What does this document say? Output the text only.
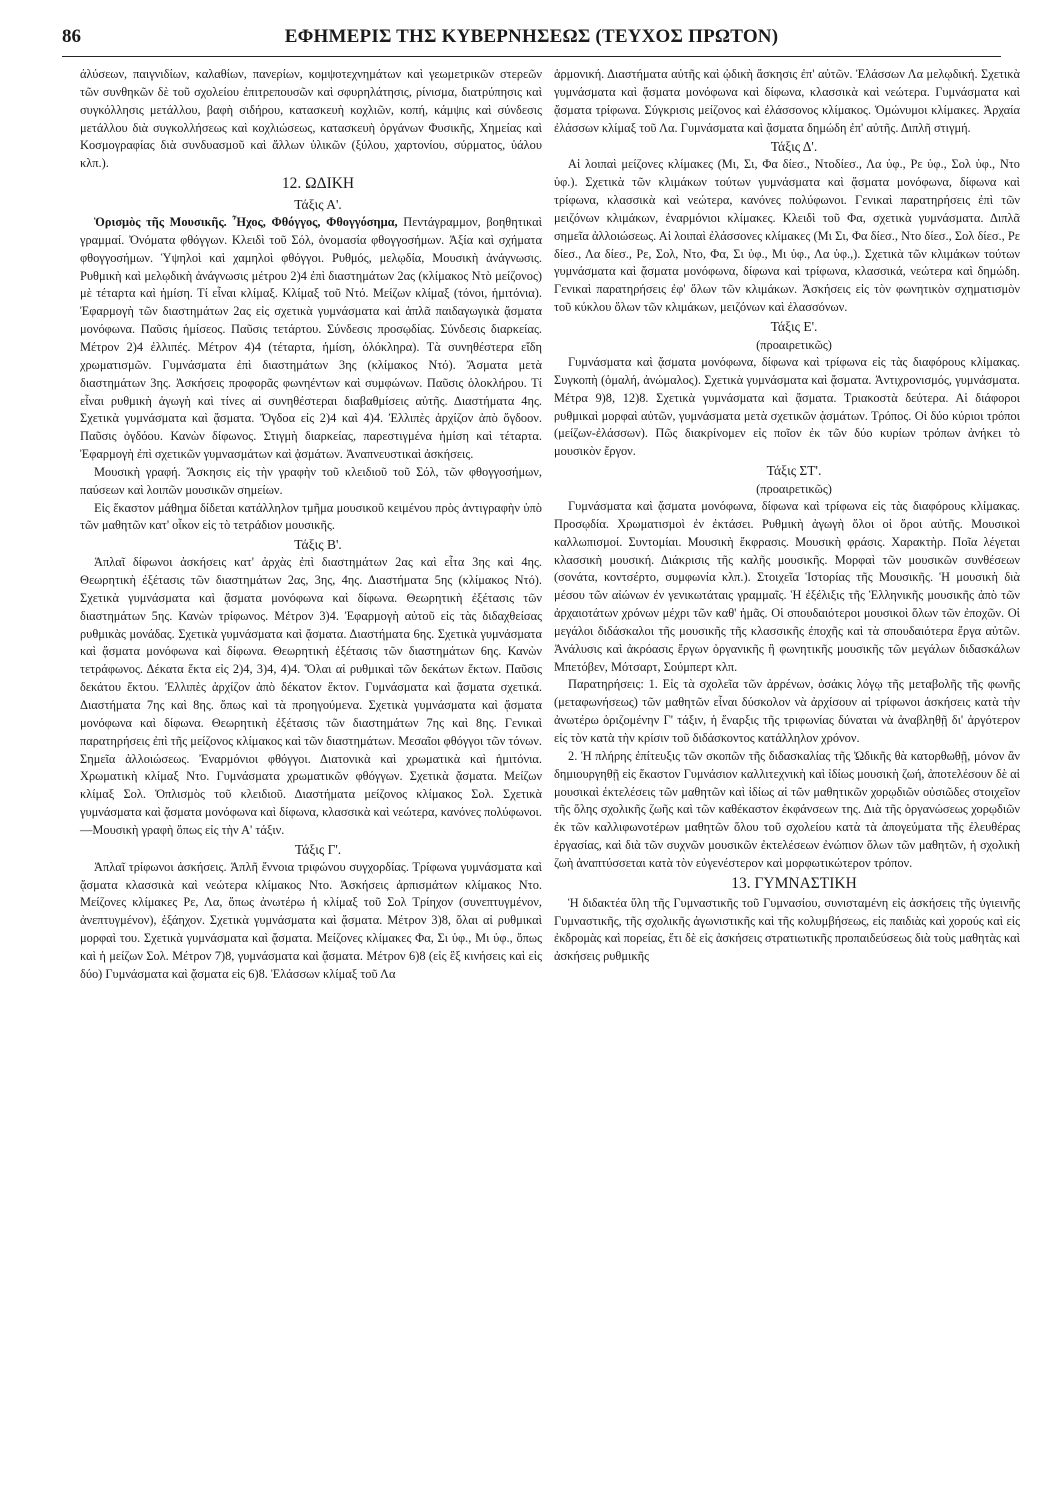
86	ΕΦΗΜΕΡΙΣ ΤΗΣ ΚΥΒΕΡΝΗΣΕΩΣ (ΤΕΥΧΟΣ ΠΡΩΤΟΝ)

άλύσεων, παιγνιδίων, καλαθίων, πανερίων, κομψοτεχνημάτων καὶ γεωμετρικῶν στερεῶν τῶν συνθηκῶν δὲ τοῦ σχολείου ἐπιτρεπουσῶν καὶ σφυρηλάτησις, ρίνισμα, διατρύπησις καὶ συγκόλλησις μετάλλου, βαφὴ σιδήρου, κατασκευὴ κοχλιῶν, κοπή, κάμψις καὶ σύνδεσις μετάλλου διὰ συγκολλήσεως καὶ κοχλιώσεως, κατασκευὴ ὀργάνων Φυσικῆς, Χημείας καὶ Κοσμογραφίας διὰ συνδυασμοῦ καὶ ἄλλων ὑλικῶν (ξύλου, χαρτονίου, σύρματος, ὑάλου κλπ.).

12. ΩΔΙΚΗ

Τάξις Α'.

Ὁρισμὸς τῆς Μουσικῆς. Ἦχος, Φθόγγος, Φθογγόσημα, Πεντάγραμμον, βοηθητικαὶ γραμμαί. Ὀνόματα φθόγγων. Κλειδὶ τοῦ Σόλ, ὀνομασία φθογγοσήμων. Ἀξία καὶ σχήματα φθογγοσήμων. Ὑψηλοὶ καὶ χαμηλοὶ φθόγγοι. Ρυθμός, μελῳδία, Μουσικὴ ἀνάγνωσις. Ρυθμικὴ καὶ μελῳδικὴ ἀνάγνωσις μέτρου 2)4 ἐπὶ διαστημάτων 2ας (κλίμακος Ντὸ μείζονος) μὲ τέταρτα καὶ ἡμίση. Τί εἶναι κλίμαξ. Κλίμαξ τοῦ Ντό. Μείζων κλίμαξ (τόνοι, ἡμιτόνια). Ἐφαρμογὴ τῶν διαστημάτων 2ας εἰς σχετικὰ γυμνάσματα καὶ ἁπλᾶ παιδαγωγικὰ ᾄσματα μονόφωνα. Παῦσις ἡμίσεος. Παῦσις τετάρτου. Σύνδεσις προσῳδίας. Σύνδεσις διαρκείας. Μέτρον 2)4 ἐλλιπές. Μέτρον 4)4 (τέταρτα, ἡμίση, ὁλόκληρα). Τὰ συνηθέστερα εἴδη χρωματισμῶν. Γυμνάσματα ἐπὶ διαστημάτων 3ης (κλίμακος Ντό). Ἄσματα μετὰ διαστημάτων 3ης. Ἀσκήσεις προφορᾶς φωνηέντων καὶ συμφώνων. Παῦσις ὁλοκλήρου. Τί εἶναι ρυθμικὴ ἀγωγὴ καὶ τίνες αἱ συνηθέστεραι διαβαθμίσεις αὐτῆς. Διαστήματα 4ης. Σχετικὰ γυμνάσματα καὶ ᾄσματα. Ὄγδοα εἰς 2)4 καὶ 4)4. Ἐλλιπὲς ἀρχίζον ἀπὸ ὄγδοον. Παῦσις ὀγδόου. Κανὼν δίφωνος. Στιγμὴ διαρκείας, παρεστιγμένα ἡμίση καὶ τέταρτα. Ἐφαρμογὴ ἐπὶ σχετικῶν γυμνασμάτων καὶ ᾀσμάτων. Ἀναπνευστικαὶ ἀσκήσεις.

Μουσικὴ γραφή. Ἄσκησις εἰς τὴν γραφὴν τοῦ κλειδιοῦ τοῦ Σόλ, τῶν φθογγοσήμων, παύσεων καὶ λοιπῶν μουσικῶν σημείων.

Εἰς ἕκαστον μάθημα δίδεται κατάλληλον τμῆμα μουσικοῦ κειμένου πρὸς ἀντιγραφὴν ὑπὸ τῶν μαθητῶν κατ' οἶκον εἰς τὸ τετράδιον μουσικῆς.

Τάξις Β'.

Ἁπλαῖ δίφωνοι ἀσκήσεις κατ' ἀρχὰς ἐπὶ διαστημάτων 2ας καὶ εἶτα 3ης καὶ 4ης. Θεωρητικὴ ἐξέτασις τῶν διαστημάτων 2ας, 3ης, 4ης. Διαστήματα 5ης (κλίμακος Ντό). Σχετικὰ γυμνάσματα καὶ ᾄσματα μονόφωνα καὶ δίφωνα. Θεωρητικὴ ἐξέτασις τῶν διαστημάτων 5ης. Κανὼν τρίφωνος. Μέτρον 3)4. Ἐφαρμογὴ αὐτοῦ εἰς τὰς διδαχθείσας ρυθμικὰς μονάδας. Σχετικὰ γυμνάσματα καὶ ᾄσματα. Διαστήματα 6ης. Σχετικὰ γυμνάσματα καὶ ᾄσματα μονόφωνα καὶ δίφωνα. Θεωρητικὴ ἐξέτασις τῶν διαστημάτων 6ης. Κανὼν τετράφωνος. Δέκατα ἕκτα εἰς 2)4, 3)4, 4)4. Ὅλαι αἱ ρυθμικαὶ τῶν δεκάτων ἕκτων. Παῦσις δεκάτου ἕκτου. Ἐλλιπὲς ἀρχίζον ἀπὸ δέκατον ἕκτον. Γυμνάσματα καὶ ᾄσματα σχετικά. Διαστήματα 7ης καὶ 8ης. ὅπως καὶ τὰ προηγούμενα. Σχετικὰ γυμνάσματα καὶ ᾄσματα μονόφωνα καὶ δίφωνα. Θεωρητικὴ ἐξέτασις τῶν διαστημάτων 7ης καὶ 8ης. Γενικαὶ παρατηρήσεις ἐπὶ τῆς μείζονος κλίμακος καὶ τῶν διαστημάτων. Μεσαῖοι φθόγγοι τῶν τόνων. Σημεῖα ἀλλοιώσεως. Ἐναρμόνιοι φθόγγοι. Διατονικὰ καὶ χρωματικὰ καὶ ἡμιτόνια. Χρωματικὴ κλίμαξ Ντο. Γυμνάσματα χρωματικῶν φθόγγων. Σχετικὰ ᾄσματα. Μείζων κλίμαξ Σολ. Ὁπλισμὸς τοῦ κλειδιοῦ. Διαστήματα μείζονος κλίμακος Σολ. Σχετικὰ γυμνάσματα καὶ ᾄσματα μονόφωνα καὶ δίφωνα, κλασσικὰ καὶ νεώτερα, κανόνες πολύφωνοι.—Μουσικὴ γραφὴ ὅπως εἰς τὴν Α' τάξιν.

Τάξις Γ'.

Ἁπλαῖ τρίφωνοι ἀσκήσεις. Ἁπλῆ ἔννοια τριφώνου συγχορδίας. Τρίφωνα γυμνάσματα καὶ ᾄσματα κλασσικὰ καὶ νεώτερα κλίμακος Ντο. Ἀσκήσεις ἀρπισμάτων κλίμακος Ντο. Μείζονες κλίμακες Ρε, Λα, ὅπως ἀνωτέρω ἡ κλίμαξ τοῦ Σολ Τρίηχον (συνεπτυγμένον, ἀνεπτυγμένον), ἑξάηχον. Σχετικὰ γυμνάσματα καὶ ᾄσματα. Μέτρον 3)8, ὅλαι αἱ ρυθμικαὶ μορφαὶ του. Σχετικὰ γυμνάσματα καὶ ᾄσματα. Μείζονες κλίμακες Φα, Σι ὑφ., Μι ὑφ., ὅπως καὶ ἡ μείζων Σολ. Μέτρον 7)8, γυμνάσματα καὶ ᾄσματα. Μέτρον 6)8 (εἰς ἓξ κινήσεις καὶ εἰς δύο) Γυμνάσματα καὶ ᾄσματα εἰς 6)8. Ἐλάσσων κλίμαξ τοῦ Λα

ἁρμονική. Διαστήματα αὐτῆς καὶ ᾠδικὴ ἄσκησις ἐπ' αὐτῶν. Ἐλάσσων Λα μελῳδική. Σχετικὰ γυμνάσματα καὶ ᾄσματα μονόφωνα καὶ δίφωνα, κλασσικὰ καὶ νεώτερα. Γυμνάσματα καὶ ᾄσματα τρίφωνα. Σύγκρισις μείζονος καὶ ἐλάσσονος κλίμακος. Ὁμώνυμοι κλίμακες. Ἀρχαία ἐλάσσων κλίμαξ τοῦ Λα. Γυμνάσματα καὶ ᾄσματα δημώδη ἐπ' αὐτῆς. Διπλῆ στιγμή.

Τάξις Δ'.

Αἱ λοιπαὶ μείζονες κλίμακες (Μι, Σι, Φα δίεσ., Ντοδίεσ., Λα ὑφ., Ρε ὑφ., Σολ ὑφ., Ντο ὑφ.). Σχετικὰ τῶν κλιμάκων τούτων γυμνάσματα καὶ ᾄσματα μονόφωνα, δίφωνα καὶ τρίφωνα, κλασσικὰ καὶ νεώτερα, κανόνες πολύφωνοι. Γενικαὶ παρατηρήσεις ἐπὶ τῶν μειζόνων κλιμάκων, ἐναρμόνιοι κλίμακες. Κλειδὶ τοῦ Φα, σχετικὰ γυμνάσματα. Διπλᾶ σημεῖα ἀλλοιώσεως. Αἱ λοιπαὶ ἐλάσσονες κλίμακες (Μι Σι, Φα δίεσ., Ντο δίεσ., Σολ δίεσ., Ρε δίεσ., Λα δίεσ., Ρε, Σολ, Ντο, Φα, Σι ὑφ., Μι ὑφ., Λα ὑφ.,). Σχετικὰ τῶν κλιμάκων τούτων γυμνάσματα καὶ ᾄσματα μονόφωνα, δίφωνα καὶ τρίφωνα, κλασσικά, νεώτερα καὶ δημώδη. Γενικαὶ παρατηρήσεις ἐφ' ὅλων τῶν κλιμάκων. Ἀσκήσεις εἰς τὸν φωνητικὸν σχηματισμὸν τοῦ κύκλου ὅλων τῶν κλιμάκων, μειζόνων καὶ ἐλασσόνων.

Τάξις Ε'.

(προαιρετικῶς)

Γυμνάσματα καὶ ᾄσματα μονόφωνα, δίφωνα καὶ τρίφωνα εἰς τὰς διαφόρους κλίμακας. Συγκοπὴ (ὁμαλή, ἀνώμαλος). Σχετικὰ γυμνάσματα καὶ ᾄσματα. Ἀντιχρονισμός, γυμνάσματα. Μέτρα 9)8, 12)8. Σχετικὰ γυμνάσματα καὶ ᾄσματα. Τριακοστὰ δεύτερα. Αἱ διάφοροι ρυθμικαὶ μορφαὶ αὐτῶν, γυμνάσματα μετὰ σχετικῶν ᾀσμάτων. Τρόπος. Οἱ δύο κύριοι τρόποι (μείζων-ἐλάσσων). Πῶς διακρίνομεν εἰς ποῖον ἐκ τῶν δύο κυρίων τρόπων ἀνήκει τὸ μουσικὸν ἔργον.

Τάξις ΣΤ'.

(προαιρετικῶς)

Γυμνάσματα καὶ ᾄσματα μονόφωνα, δίφωνα καὶ τρίφωνα εἰς τὰς διαφόρους κλίμακας. Προσῳδία. Χρωματισμοὶ ἐν ἐκτάσει. Ρυθμικὴ ἀγωγὴ ὅλοι οἱ ὅροι αὐτῆς. Μουσικοὶ καλλωπισμοί. Συντομίαι. Μουσικὴ ἔκφρασις. Μουσικὴ φράσις. Χαρακτὴρ. Ποῖα λέγεται κλασσικὴ μουσική. Διάκρισις τῆς καλῆς μουσικῆς. Μορφαὶ τῶν μουσικῶν συνθέσεων (σονάτα, κοντσέρτο, συμφωνία κλπ.). Στοιχεῖα Ἱστορίας τῆς Μουσικῆς. Ἡ μουσικὴ διὰ μέσου τῶν αἰώνων ἐν γενικωτάταις γραμμαῖς. Ἡ ἐξέλιξις τῆς Ἑλληνικῆς μουσικῆς ἀπὸ τῶν ἀρχαιοτάτων χρόνων μέχρι τῶν καθ' ἡμᾶς. Οἱ σπουδαιότεροι μουσικοὶ ὅλων τῶν ἐποχῶν. Οἱ μεγάλοι διδάσκαλοι τῆς μουσικῆς τῆς κλασσικῆς ἐποχῆς καὶ τὰ σπουδαιότερα ἔργα αὐτῶν. Ἀνάλυσις καὶ ἀκρόασις ἔργων ὀργανικῆς ἢ φωνητικῆς μουσικῆς τῶν μεγάλων διδασκάλων Μπετόβεν, Μότσαρτ, Σούμπερτ κλπ.

Παρατηρήσεις: 1. Εἰς τὰ σχολεῖα τῶν ἀρρένων, ὁσάκις λόγῳ τῆς μεταβολῆς τῆς φωνῆς (μεταφωνήσεως) τῶν μαθητῶν εἶναι δύσκολον νὰ ἀρχίσουν αἱ τρίφωνοι ἀσκήσεις κατὰ τὴν ἀνωτέρω ὁριζομένην Γ' τάξιν, ἡ ἔναρξις τῆς τριφωνίας δύναται νὰ ἀναβληθῇ δι' ἀργότερον εἰς τὸν κατὰ τὴν κρίσιν τοῦ διδάσκοντος κατάλληλον χρόνον.

2. Ἡ πλήρης ἐπίτευξις τῶν σκοπῶν τῆς διδασκαλίας τῆς Ὠδικῆς θὰ κατορθωθῇ, μόνον ἂν δημιουργηθῇ εἰς ἕκαστον Γυμνάσιον καλλιτεχνικὴ καὶ ἰδίως μουσικὴ ζωή, ἀποτελέσουν δὲ αἱ μουσικαὶ ἐκτελέσεις τῶν μαθητῶν καὶ ἰδίως αἱ τῶν μαθητικῶν χορῳδιῶν οὐσιῶδες στοιχεῖον τῆς ὅλης σχολικῆς ζωῆς καὶ τῶν καθέκαστον ἐκφάνσεων της. Διὰ τῆς ὀργανώσεως χορῳδιῶν ἐκ τῶν καλλιφωνοτέρων μαθητῶν ὅλου τοῦ σχολείου κατὰ τὰ ἀπογεύματα τῆς ἐλευθέρας ἐργασίας, καὶ διὰ τῶν συχνῶν μουσικῶν ἐκτελέσεων ἐνώπιον ὅλων τῶν μαθητῶν, ἡ σχολικὴ ζωὴ ἀναπτύσσεται κατὰ τὸν εὐγενέστερον καὶ μορφωτικώτερον τρόπον.

13. ΓΥΜΝΑΣΤΙΚΗ

Ἡ διδακτέα ὕλη τῆς Γυμναστικῆς τοῦ Γυμνασίου, συνισταμένη εἰς ἀσκήσεις τῆς ὑγιεινῆς Γυμναστικῆς, τῆς σχολικῆς ἀγωνιστικῆς καὶ τῆς κολυμβήσεως, εἰς παιδιὰς καὶ χορούς καὶ εἰς ἐκδρομὰς καὶ πορείας, ἔτι δὲ εἰς ἀσκήσεις στρατιωτικῆς προπαιδεύσεως διὰ τοὺς μαθητὰς καὶ ἀσκήσεις ρυθμικῆς
